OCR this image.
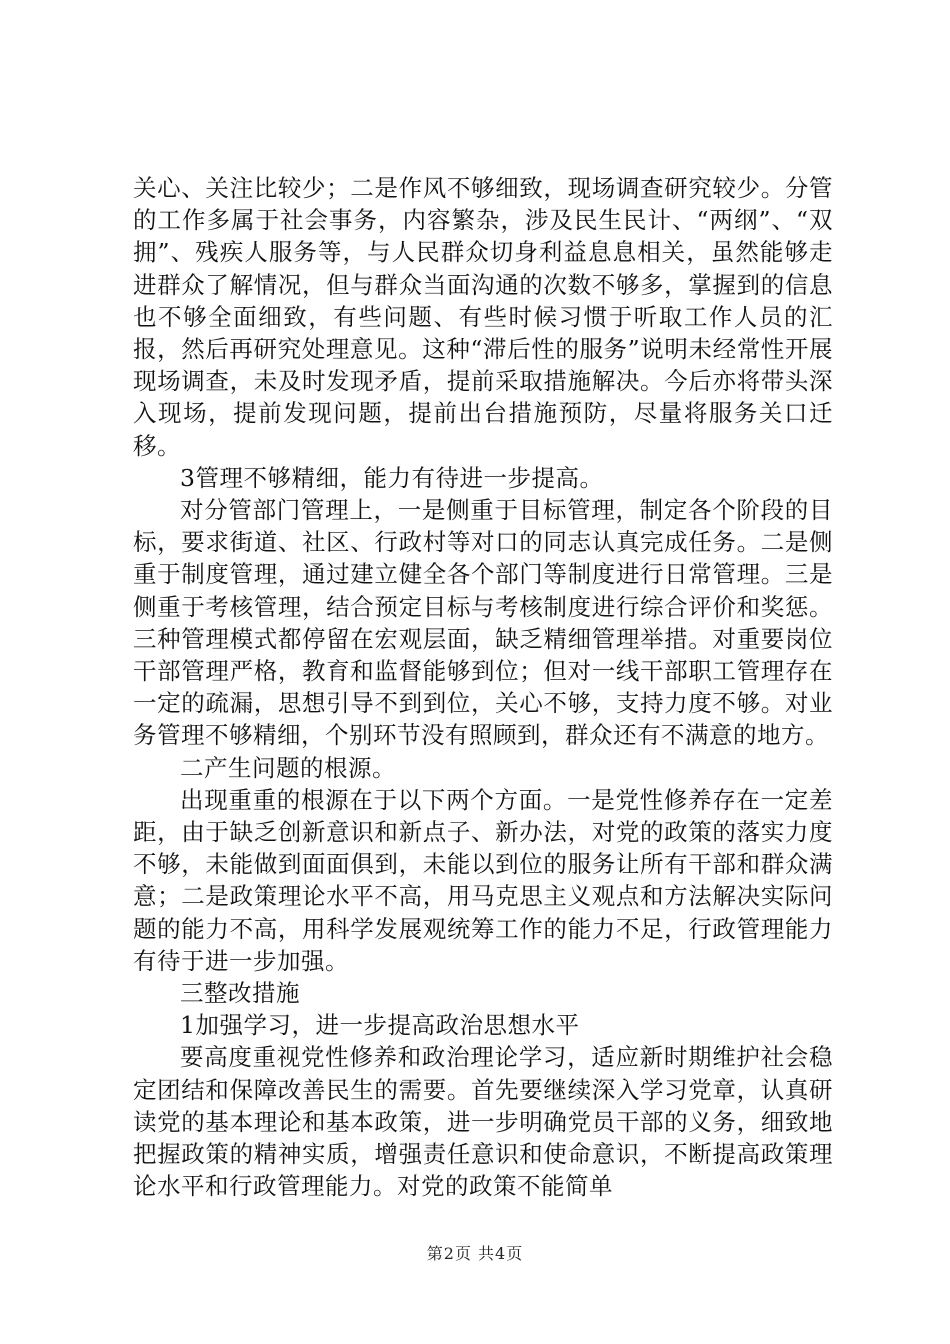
关心、关注比较少；二是作风不够细致，现场调查研究较少。分管的工作多属于社会事务，内容繁杂，涉及民生民计、“两纲”、“双拥”、残疾人服务等，与人民群众切身利益息息相关，虽然能够走进群众了解情况，但与群众当面沟通的次数不够多，掌握到的信息也不够全面细致，有些问题、有些时候习惯于听取工作人员的汇报，然后再研究处理意见。这种“滞后性的服务”说明未经常性开展现场调查，未及时发现矛盾，提前采取措施解决。今后亦将带头深入现场，提前发现问题，提前出台措施预防，尽量将服务关口迁移。

3管理不够精细，能力有待进一步提高。

对分管部门管理上，一是侧重于目标管理，制定各个阶段的目标，要求街道、社区、行政村等对口的同志认真完成任务。二是侧重于制度管理，通过建立健全各个部门等制度进行日常管理。三是侧重于考核管理，结合预定目标与考核制度进行综合评价和奖惩。三种管理模式都停留在宏观层面，缺乏精细管理举措。对重要岗位干部管理严格，教育和监督能够到位；但对一线干部职工管理存在一定的疏漏，思想引导不到到位，关心不够，支持力度不够。对业务管理不够精细，个别环节没有照顾到，群众还有不满意的地方。

二产生问题的根源。

出现重重的根源在于以下两个方面。一是党性修养存在一定差距，由于缺乏创新意识和新点子、新办法，对党的政策的落实力度不够，未能做到面面俱到，未能以到位的服务让所有干部和群众满意；二是政策理论水平不高，用马克思主义观点和方法解决实际问题的能力不高，用科学发展观统筹工作的能力不足，行政管理能力有待于进一步加强。

三整改措施

1加强学习，进一步提高政治思想水平

要高度重视党性修养和政治理论学习，适应新时期维护社会稳定团结和保障改善民生的需要。首先要继续深入学习党章，认真研读党的基本理论和基本政策，进一步明确党员干部的义务，细致地把握政策的精神实质，增强责任意识和使命意识，不断提高政策理论水平和行政管理能力。对党的政策不能简单

第2页 共4页
